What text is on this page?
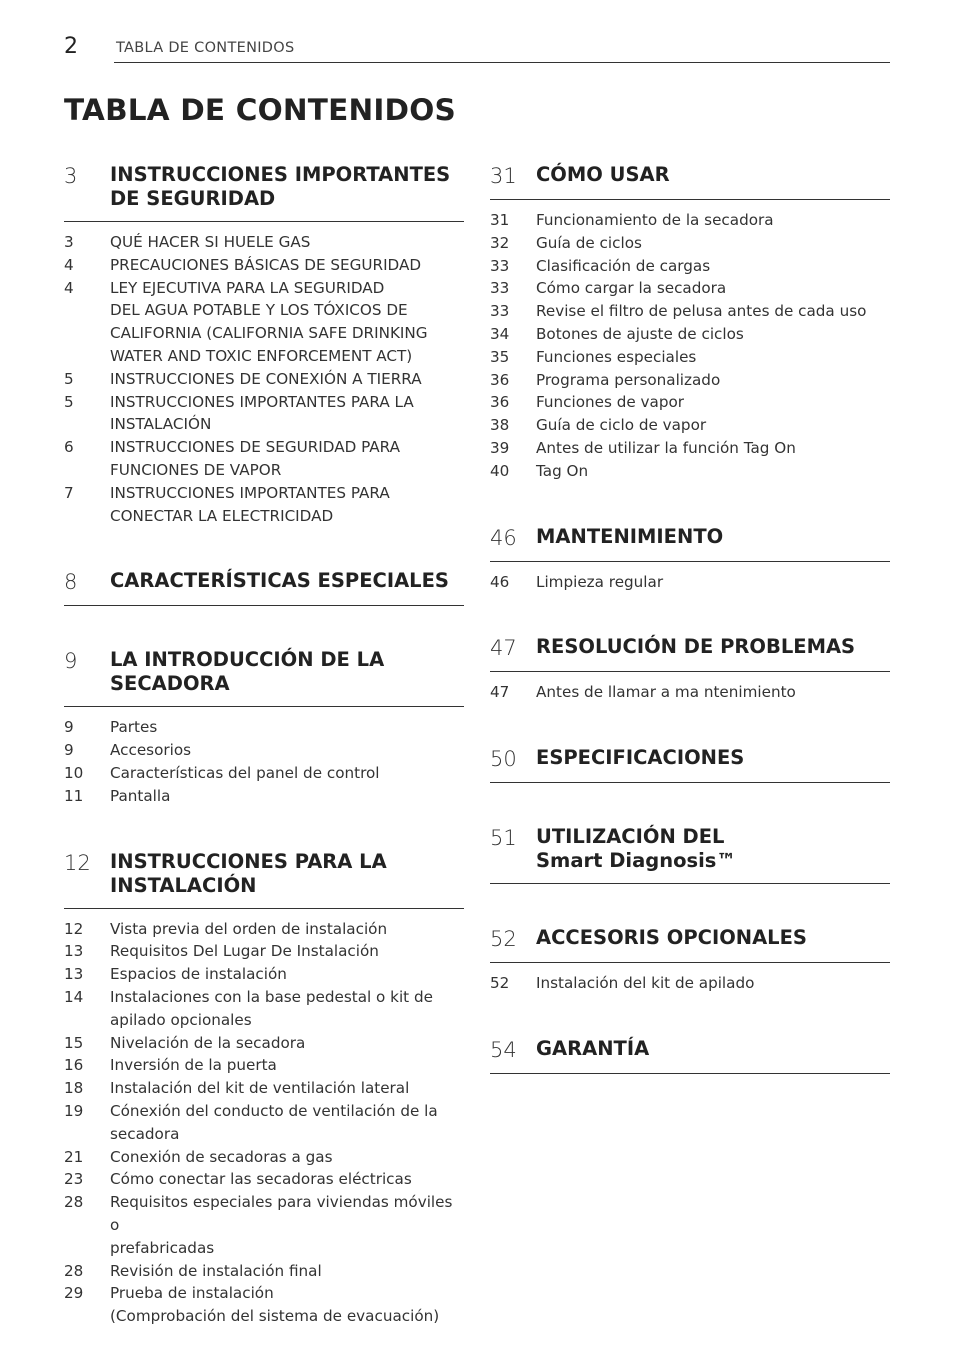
2	TABLA DE CONTENIDOS
TABLA DE CONTENIDOS
3	INSTRUCCIONES IMPORTANTES
DE SEGURIDAD
3	QUÉ HACER SI HUELE GAS
4	PRECAUCIONES BÁSICAS DE SEGURIDAD
4	LEY EJECUTIVA PARA LA SEGURIDAD
DEL AGUA POTABLE Y LOS TÓXICOS DE
CALIFORNIA (CALIFORNIA SAFE DRINKING
WATER AND TOXIC ENFORCEMENT ACT)
5	INSTRUCCIONES DE CONEXIÓN A TIERRA
5	INSTRUCCIONES IMPORTANTES PARA LA
INSTALACIÓN
6	INSTRUCCIONES DE SEGURIDAD PARA
FUNCIONES DE VAPOR
7	INSTRUCCIONES IMPORTANTES PARA
CONECTAR LA ELECTRICIDAD
8	CARACTERÍSTICAS ESPECIALES
9	LA INTRODUCCIÓN DE LA
SECADORA
9	Partes
9	Accesorios
10	Características del panel de control
11	Pantalla
12 INSTRUCCIONES PARA LA
INSTALACIÓN
12	Vista previa del orden de instalación
13	Requisitos Del Lugar De Instalación
13	Espacios de instalación
14	Instalaciones con la base pedestal o kit de
apilado opcionales
15	Nivelación de la secadora
16	Inversión de la puerta
18	Instalación del kit de ventilación lateral
19	Cónexión del conducto de ventilación de la
secadora
21	Conexión de secadoras a gas
23	Cómo conectar las secadoras eléctricas
28	Requisitos especiales para viviendas móviles o
prefabricadas
28	Revisión de instalación final
29	Prueba de instalación
(Comprobación del sistema de evacuación)
31 CÓMO USAR
31	Funcionamiento de la secadora
32	Guía de ciclos
33	Clasificación de cargas
33	Cómo cargar la secadora
33	Revise el filtro de pelusa antes de cada uso
34	Botones de ajuste de ciclos
35	Funciones especiales
36	Programa personalizado
36	Funciones de vapor
38	Guía de ciclo de vapor
39	Antes de utilizar la función Tag On
40	Tag On
46 MANTENIMIENTO
46	Limpieza regular
47 RESOLUCIÓN DE PROBLEMAS
47	Antes de llamar a ma ntenimiento
50 ESPECIFICACIONES
51 UTILIZACIÓN DEL
Smart Diagnosis™
52 ACCESORIS OPCIONALES
52	Instalación del kit de apilado
54 GARANTÍA
